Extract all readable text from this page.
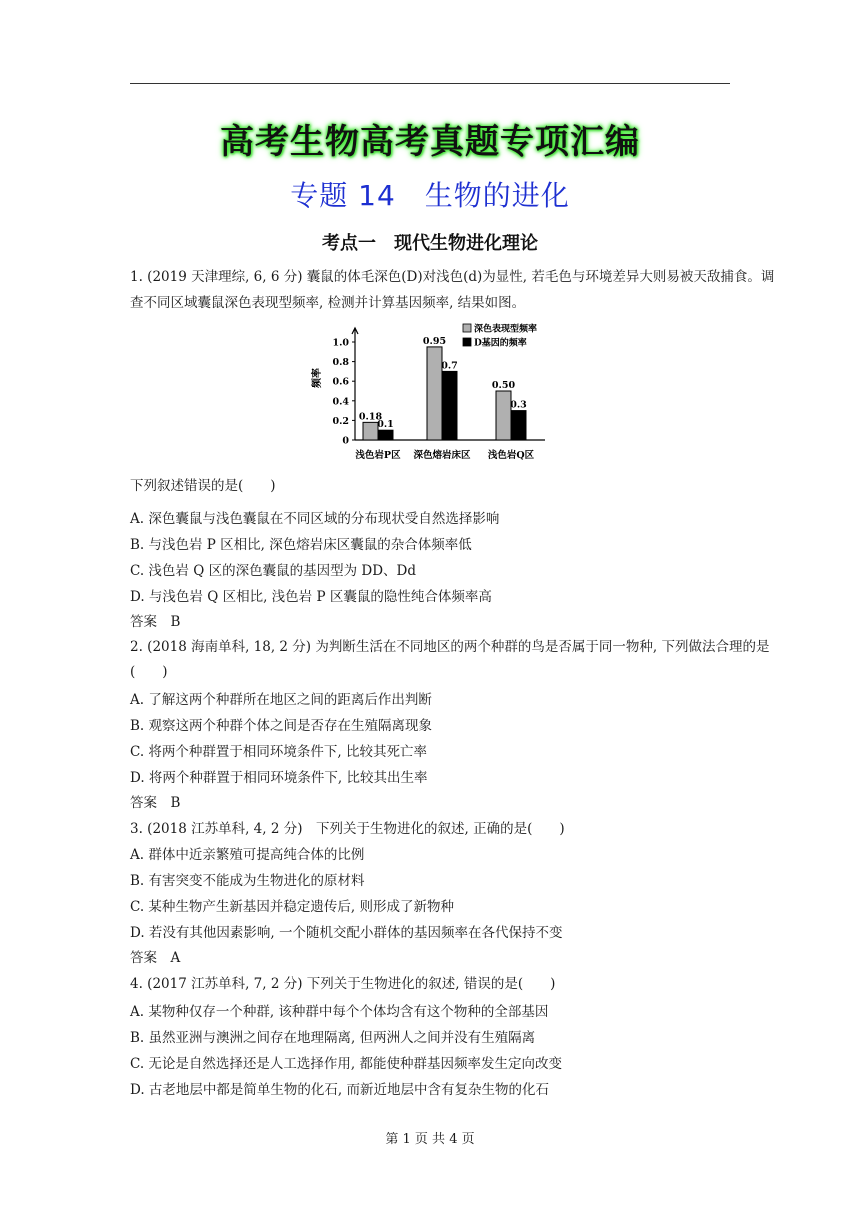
高考生物高考真题专项汇编
专题 14　生物的进化
考点一　现代生物进化理论
1. (2019 天津理综, 6, 6 分) 囊鼠的体毛深色(D)对浅色(d)为显性, 若毛色与环境差异大则易被天敌捕食。调
查不同区域囊鼠深色表现型频率, 检测并计算基因频率, 结果如图。
0
0.2
0.4
0.6
0.8
1.0
频率
0.18
0.1
浅色岩P区
0.95
0.7
深色熔岩床区
0.50
0.3
浅色岩Q区
深色表现型频率
D基因的频率
下列叙述错误的是(　　)
A. 深色囊鼠与浅色囊鼠在不同区域的分布现状受自然选择影响
B. 与浅色岩 P 区相比, 深色熔岩床区囊鼠的杂合体频率低
C. 浅色岩 Q 区的深色囊鼠的基因型为 DD、Dd
D. 与浅色岩 Q 区相比, 浅色岩 P 区囊鼠的隐性纯合体频率高
答案　B
2. (2018 海南单科, 18, 2 分) 为判断生活在不同地区的两个种群的鸟是否属于同一物种, 下列做法合理的是
(　　)
A. 了解这两个种群所在地区之间的距离后作出判断
B. 观察这两个种群个体之间是否存在生殖隔离现象
C. 将两个种群置于相同环境条件下, 比较其死亡率
D. 将两个种群置于相同环境条件下, 比较其出生率
答案　B
3. (2018 江苏单科, 4, 2 分)　下列关于生物进化的叙述, 正确的是(　　)
A. 群体中近亲繁殖可提高纯合体的比例
B. 有害突变不能成为生物进化的原材料
C. 某种生物产生新基因并稳定遗传后, 则形成了新物种
D. 若没有其他因素影响, 一个随机交配小群体的基因频率在各代保持不变
答案　A
4. (2017 江苏单科, 7, 2 分) 下列关于生物进化的叙述, 错误的是(　　)
A. 某物种仅存一个种群, 该种群中每个个体均含有这个物种的全部基因
B. 虽然亚洲与澳洲之间存在地理隔离, 但两洲人之间并没有生殖隔离
C. 无论是自然选择还是人工选择作用, 都能使种群基因频率发生定向改变
D. 古老地层中都是简单生物的化石, 而新近地层中含有复杂生物的化石
第 1 页 共 4 页
